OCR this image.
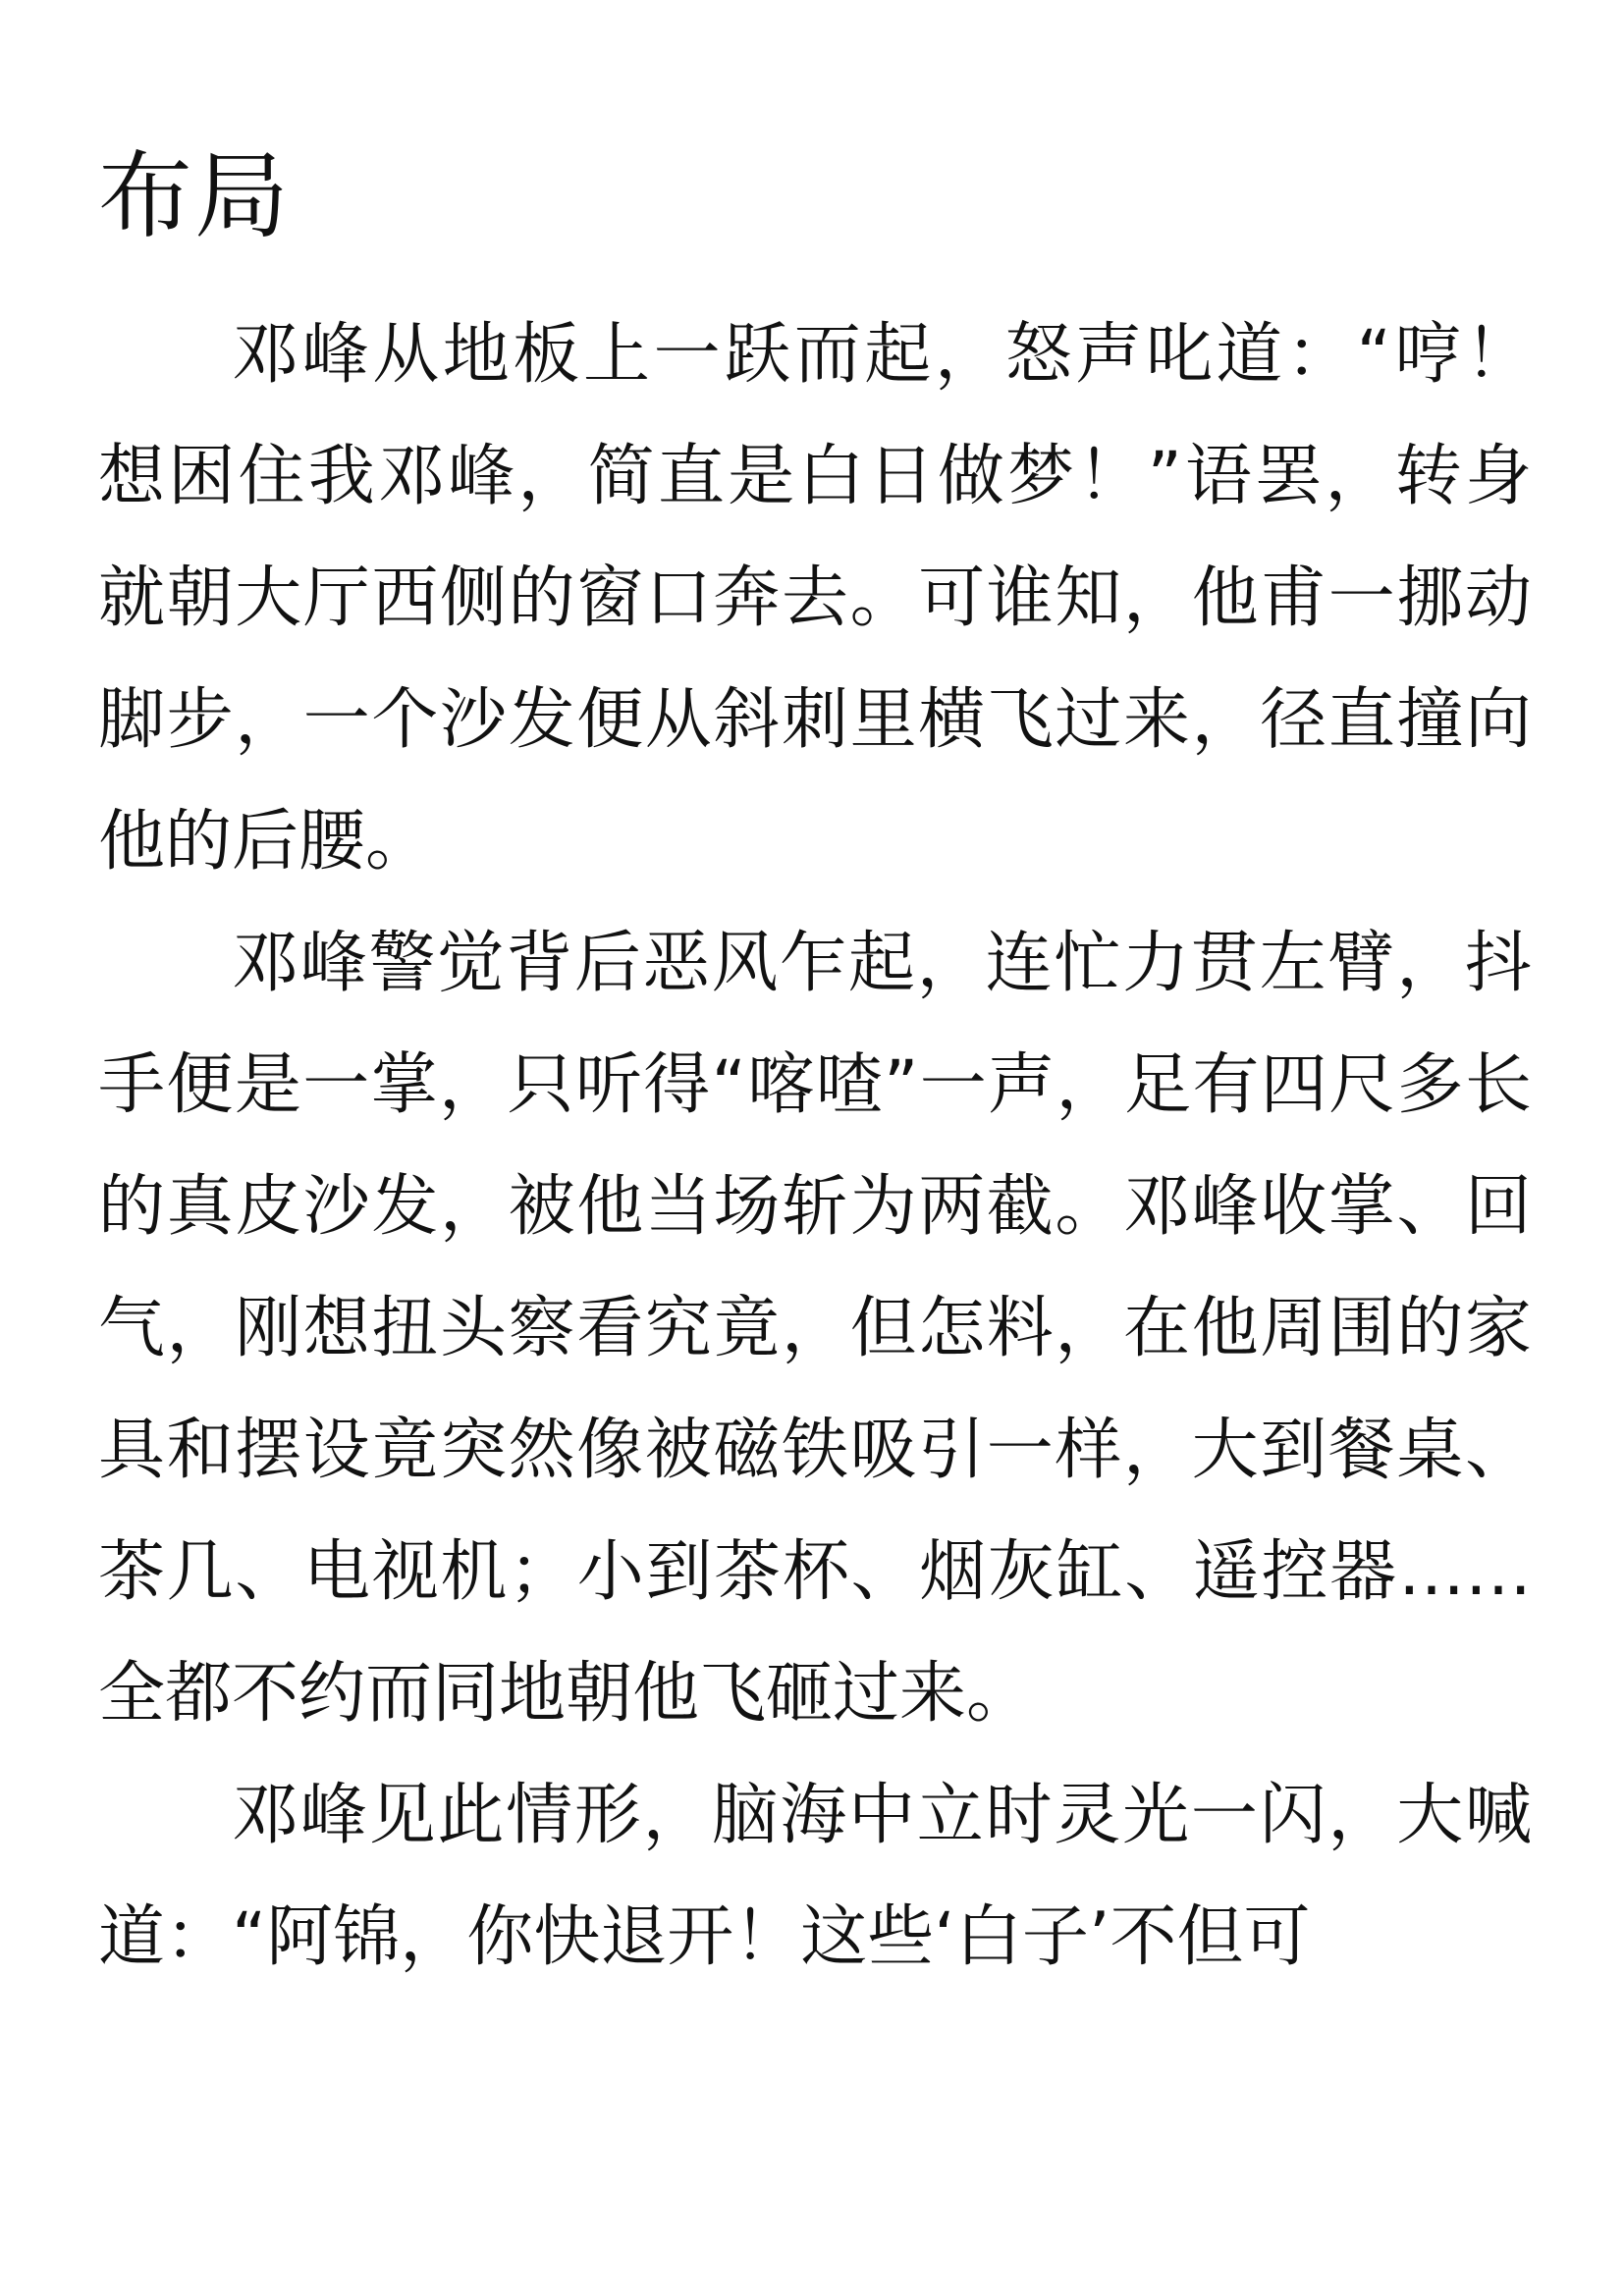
布局

邓峰从地板上一跃而起，怒声叱道：“哼！想困住我邓峰，简直是白日做梦！”语罢，转身就朝大厅西侧的窗口奔去。可谁知，他甫一挪动脚步，一个沙发便从斜刺里横飞过来，径直撞向他的后腰。

邓峰警觉背后恶风乍起，连忙力贯左臂，抖手便是一掌，只听得“喀喳”一声，足有四尺多长的真皮沙发，被他当场斩为两截。邓峰收掌、回气，刚想扭头察看究竟，但怎料，在他周围的家具和摆设竟突然像被磁铁吸引一样，大到餐桌、茶几、电视机；小到茶杯、烟灰缸、遥控器……全都不约而同地朝他飞砸过来。

邓峰见此情形，脑海中立时灵光一闪，大喊道：“阿锦，你快退开！这些‘白子’不但可
